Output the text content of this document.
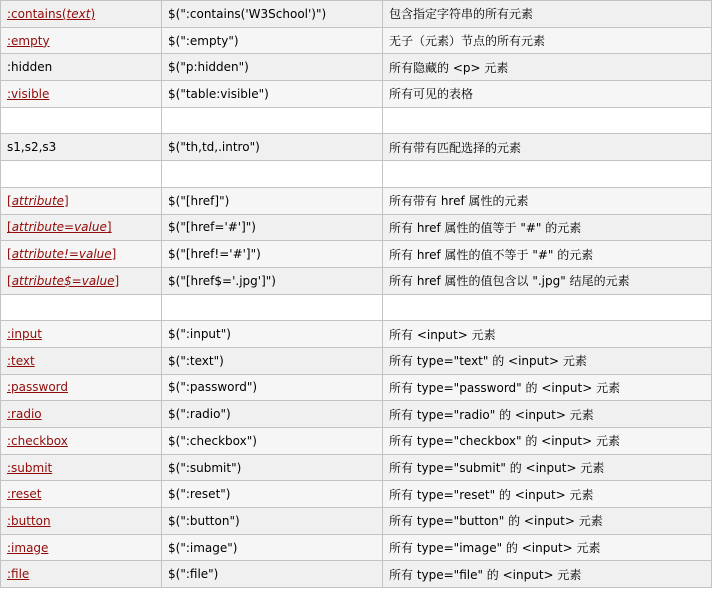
:contains(text)	$(":contains('W3School')")	包含指定字符串的所有元素
:empty	$(":empty")	无子（元素）节点的所有元素
:hidden	$("p:hidden")	所有隐藏的 <p> 元素
:visible	$("table:visible")	所有可见的表格

s1,s2,s3	$("th,td,.intro")	所有带有匹配选择的元素

[attribute]	$("[href]")	所有带有 href 属性的元素
[attribute=value]	$("[href='#']")	所有 href 属性的值等于 "#" 的元素
[attribute!=value]	$("[href!='#']")	所有 href 属性的值不等于 "#" 的元素
[attribute$=value]	$("[href$='.jpg']")	所有 href 属性的值包含以 ".jpg" 结尾的元素

:input	$(":input")	所有 <input> 元素
:text	$(":text")	所有 type="text" 的 <input> 元素
:password	$(":password")	所有 type="password" 的 <input> 元素
:radio	$(":radio")	所有 type="radio" 的 <input> 元素
:checkbox	$(":checkbox")	所有 type="checkbox" 的 <input> 元素
:submit	$(":submit")	所有 type="submit" 的 <input> 元素
:reset	$(":reset")	所有 type="reset" 的 <input> 元素
:button	$(":button")	所有 type="button" 的 <input> 元素
:image	$(":image")	所有 type="image" 的 <input> 元素
:file	$(":file")	所有 type="file" 的 <input> 元素
